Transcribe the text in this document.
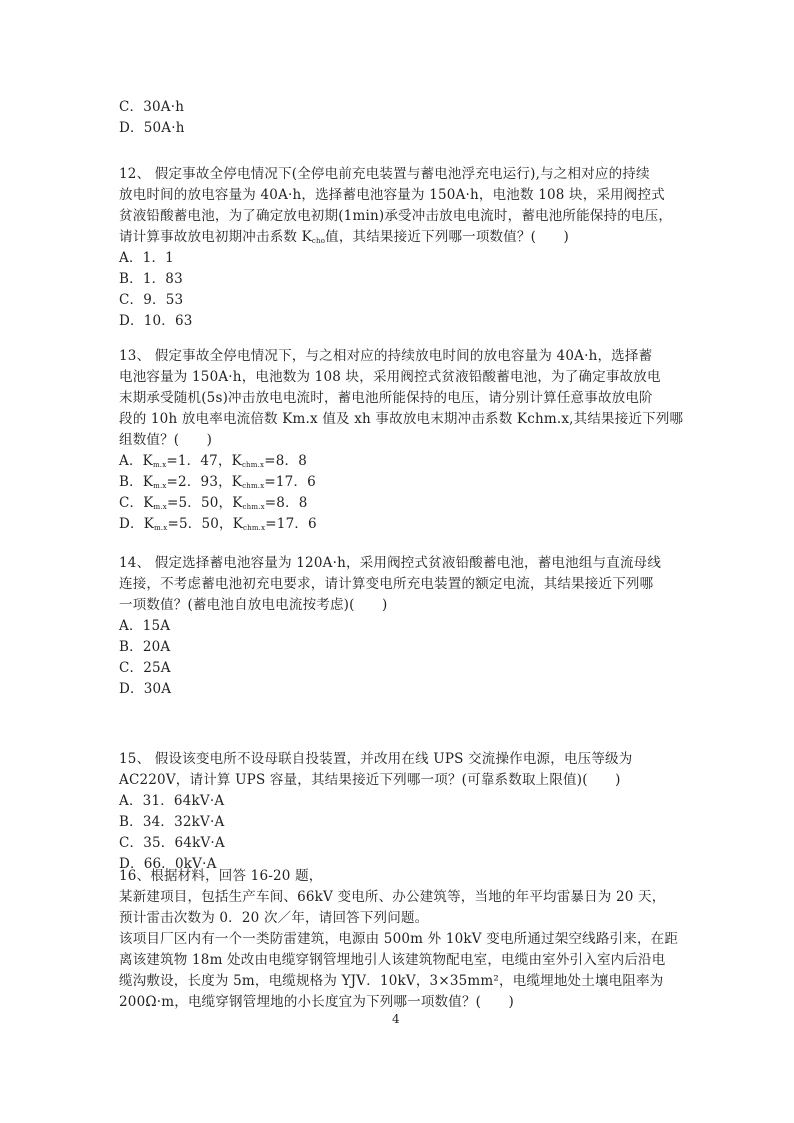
C．30A·h
D．50A·h
12、 假定事故全停电情况下(全停电前充电装置与蓄电池浮充电运行),与之相对应的持续
放电时间的放电容量为 40A·h，选择蓄电池容量为 150A·h，电池数 108 块，采用阀控式
贫液铅酸蓄电池，为了确定放电初期(1min)承受冲击放电电流时，蓄电池所能保持的电压，
请计算事故放电初期冲击系数 $K_{cho}$值，其结果接近下列哪一项数值？(　　)
A．1．1
B．1．83
C．9．53
D．10．63
13、 假定事故全停电情况下，与之相对应的持续放电时间的放电容量为 40A·h，选择蓄
电池容量为 150A·h，电池数为 108 块，采用阀控式贫液铅酸蓄电池，为了确定事故放电
末期承受随机(5s)冲击放电电流时，蓄电池所能保持的电压，请分别计算任意事故放电阶
段的 10h 放电率电流倍数 Km.x 值及 xh 事故放电末期冲击系数 Kchm.x,其结果接近下列哪
组数值？(　　)
A．$K_{m.x}=1$．47，$K_{chm.x}=8$．8
B．$K_{m.x}=2$．93，$K_{chm.x}=17$．6
C．$K_{m.x}=5$．50，$K_{chm.x}=8$．8
D．$K_{m.x}=5$．50，$K_{chm.x}=17$．6
14、 假定选择蓄电池容量为 120A·h，采用阀控式贫液铅酸蓄电池，蓄电池组与直流母线
连接，不考虑蓄电池初充电要求，请计算变电所充电装置的额定电流，其结果接近下列哪
一项数值？(蓄电池自放电电流按考虑)(　　)
A．15A
B．20A
C．25A
D．30A
15、 假设该变电所不设母联自投装置，并改用在线 UPS 交流操作电源，电压等级为
AC220V，请计算 UPS 容量，其结果接近下列哪一项？(可靠系数取上限值)(　　)
A．31．64kV·A
B．34．32kV·A
C．35．64kV·A
D．66．0kV·A
16、根据材料，回答 16-20 题，
某新建项目，包括生产车间、66kV 变电所、办公建筑等，当地的年平均雷暴日为 20 天，
预计雷击次数为 0．20 次／年，请回答下列问题。
该项目厂区内有一个一类防雷建筑，电源由 500m 外 10kV 变电所通过架空线路引来，在距
离该建筑物 18m 处改由电缆穿钢管埋地引人该建筑物配电室，电缆由室外引入室内后沿电
缆沟敷设，长度为 5m，电缆规格为 YJV．10kV，3×35mm²，电缆埋地处土壤电阻率为
200Ω·m，电缆穿钢管埋地的小长度宜为下列哪一项数值？(　　)
4
